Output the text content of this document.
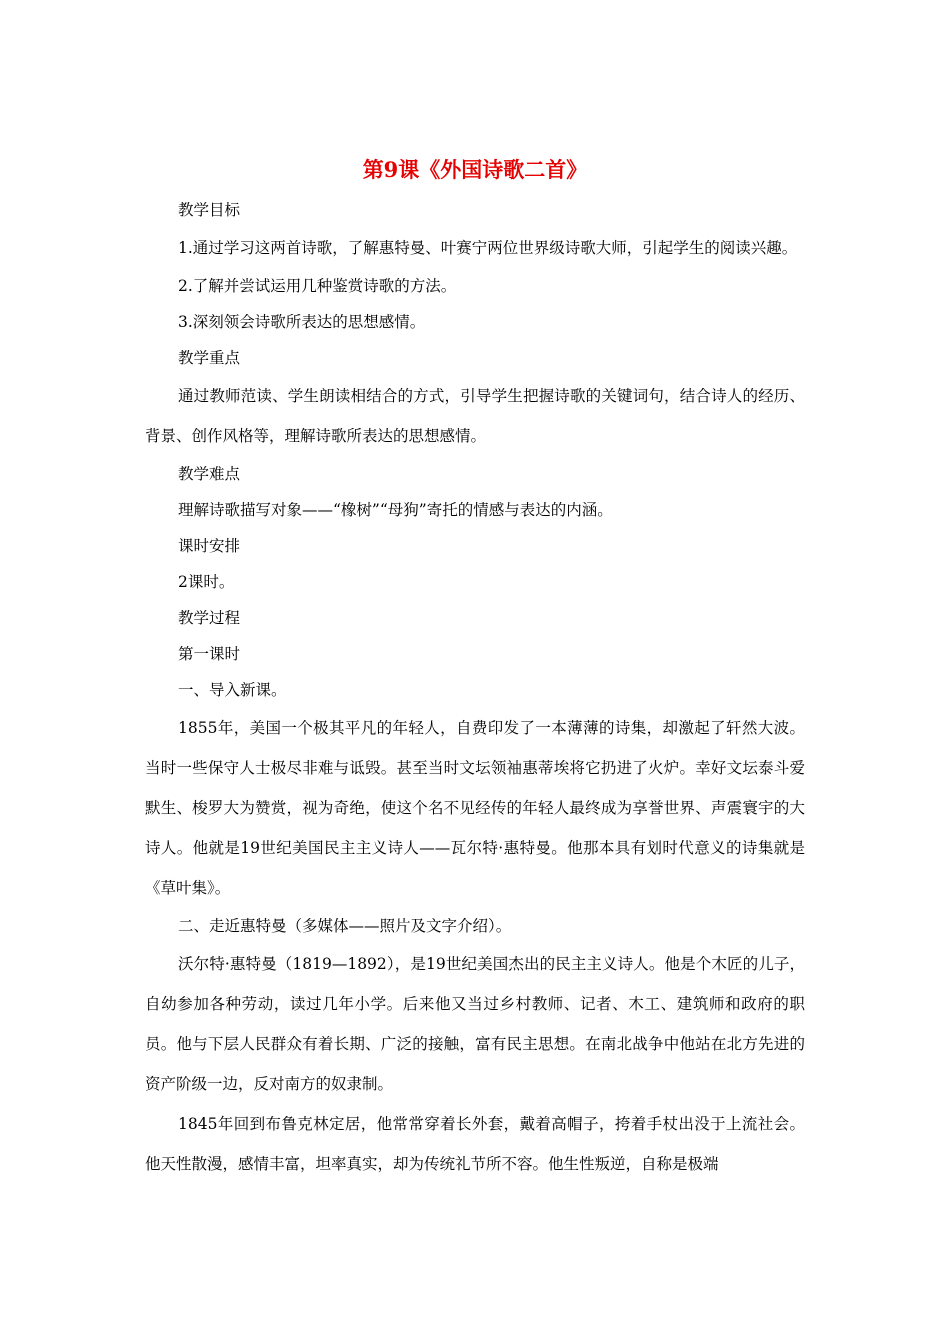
第9课《外国诗歌二首》

教学目标

1.通过学习这两首诗歌，了解惠特曼、叶赛宁两位世界级诗歌大师，引起学生的阅读兴趣。

2.了解并尝试运用几种鉴赏诗歌的方法。

3.深刻领会诗歌所表达的思想感情。

教学重点

通过教师范读、学生朗读相结合的方式，引导学生把握诗歌的关键词句，结合诗人的经历、背景、创作风格等，理解诗歌所表达的思想感情。

教学难点

理解诗歌描写对象——“橡树”“母狗”寄托的情感与表达的内涵。

课时安排

2课时。

教学过程

第一课时

一、导入新课。

1855年，美国一个极其平凡的年轻人，自费印发了一本薄薄的诗集，却激起了轩然大波。当时一些保守人士极尽非难与诋毁。甚至当时文坛领袖惠蒂埃将它扔进了火炉。幸好文坛泰斗爱默生、梭罗大为赞赏，视为奇绝，使这个名不见经传的年轻人最终成为享誉世界、声震寰宇的大诗人。他就是19世纪美国民主主义诗人——瓦尔特·惠特曼。他那本具有划时代意义的诗集就是《草叶集》。

二、走近惠特曼（多媒体——照片及文字介绍）。

沃尔特·惠特曼（1819—1892），是19世纪美国杰出的民主主义诗人。他是个木匠的儿子，自幼参加各种劳动，读过几年小学。后来他又当过乡村教师、记者、木工、建筑师和政府的职员。他与下层人民群众有着长期、广泛的接触，富有民主思想。在南北战争中他站在北方先进的资产阶级一边，反对南方的奴隶制。

1845年回到布鲁克林定居，他常常穿着长外套，戴着高帽子，挎着手杖出没于上流社会。他天性散漫，感情丰富，坦率真实，却为传统礼节所不容。他生性叛逆，自称是极端
